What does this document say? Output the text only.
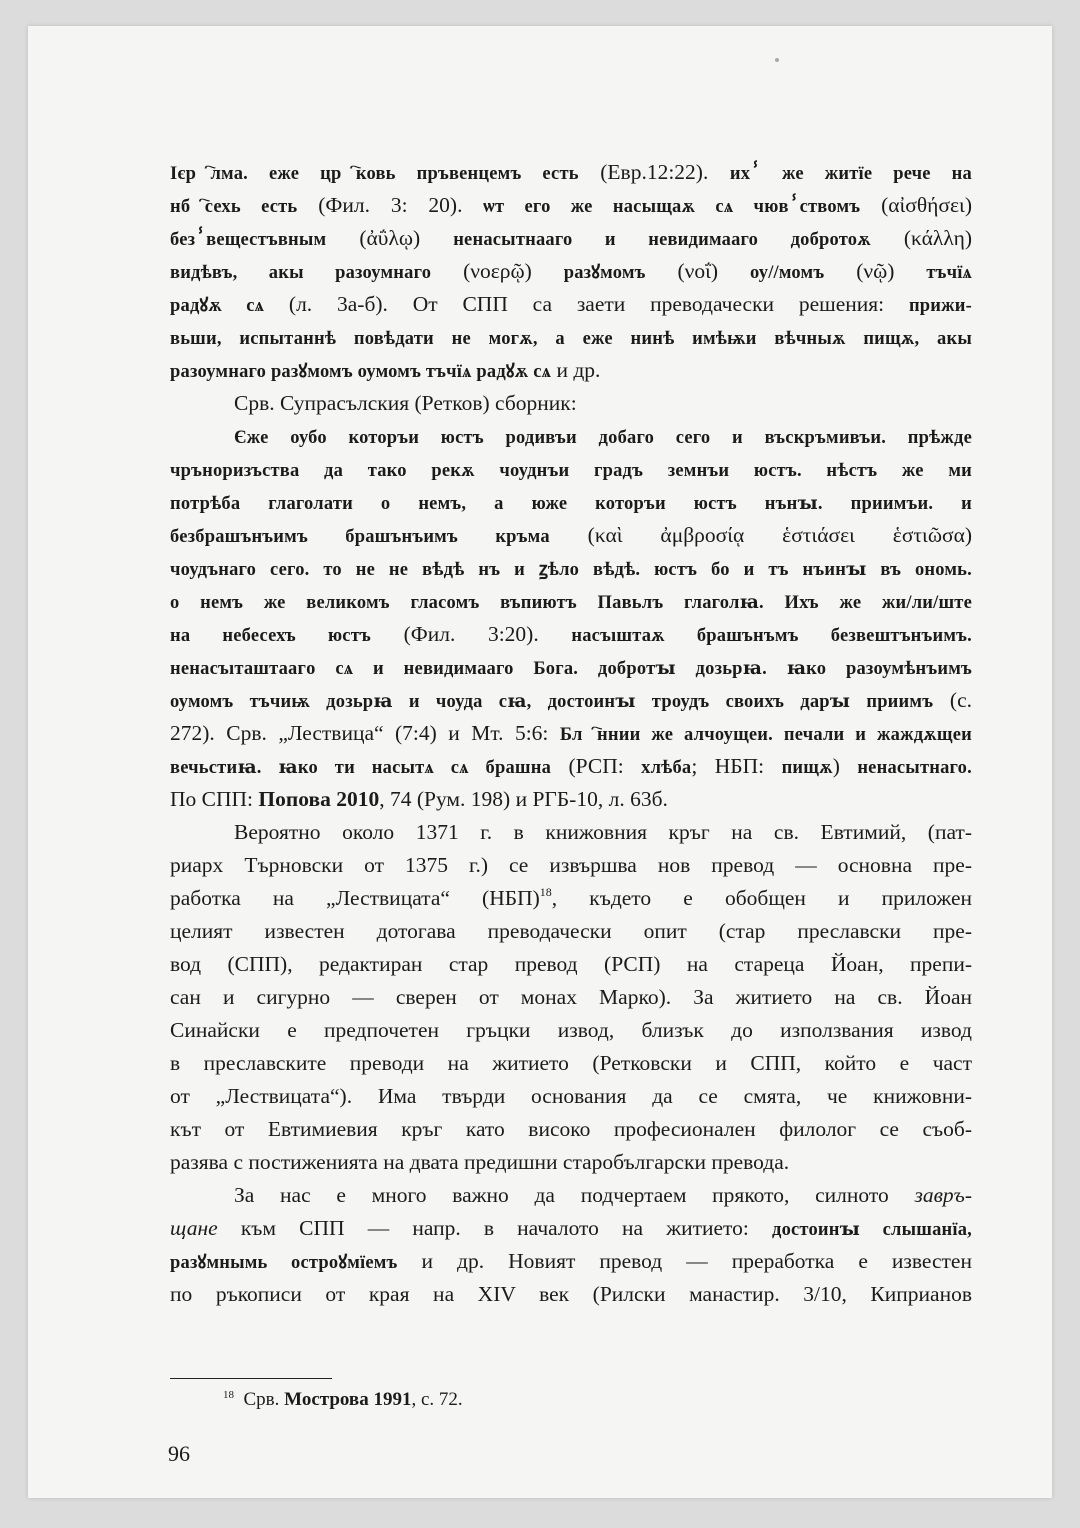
Ієрⷭ҇лма. еже црⷦ҇ковь пръвенцемъ есть (Евр.12:22). ихⸯ же житїе рече на
нбⷭ҇сехь есть (Фил. 3: 20). ѡт его же насыщаѫ сѧ чювⸯствомъ (αἰσθήσει)
безⸯвещестъвным (ἀΰλῳ) ненасытнааго и невидимааго добротоѫ (κάλλη)
видѣвъ, акы разоумнаго (νοερῷ) разꙋмомъ (νοΐ) оу//момъ (νῷ) тъчїѧ
радꙋѫ сѧ (л. 3а-б). От СПП са заети преводачески решения: прижи-
вьши, испытаннѣ повѣдати не могѫ, а еже нинѣ имѣѭи вѣчныѫ пищѫ, акы
разоумнаго разꙋмомъ оумомъ тъчїѧ радꙋѫ сѧ и др.
Срв. Супрасълския (Ретков) сборник:
Єже оубо которъи юстъ родивъи добаго сего и въскръмивъи. прѣжде
чрънoризъства да тако рекѫ чоуднъи градъ земнъи юстъ. нѣстъ же ми
потрѣба глаголати о немъ, а юже которъи юстъ нънꙑ. приимъи. и
безбрашънъимъ брашънъимъ кръма (καὶ ἀμβροσίᾳ ἑστιάσει ἑστιῶσα)
чоудънаго сего. то не не вѣдѣ нъ и ꙁѣло вѣдѣ. юстъ бо и тъ нъинꙑ въ ономь.
о немъ же великомъ гласомъ въпиютъ Павьлъ глаголꙗ. Ихъ же жи/ли/ште
на небесехъ юстъ (Фил. 3:20). насъıштаѫ брашънъмъ безвештънъимъ.
ненасъıташтаагo сѧ и невидимааго Бога. добротꙑ дозьрꙗ. ꙗко разоумѣнъимъ
оумомъ тъчиѭ дозьрꙗ и чоудa сꙗ, достоинꙑ троудъ своихъ дарꙑ приимъ (с.
272). Срв. „Лествица“ (7:4) и Мт. 5:6: Блⷤ҇ннии же алчоущеи. печали и жаждѫщеи
вечьстиꙗ. ꙗко ти насытѧ сѧ брашна (РСП: хлѣба; НБП: пищѫ) ненасытнаго.
По СПП: Попова 2010, 74 (Рум. 198) и РГБ-10, л. 63б.
Вероятно около 1371 г. в книжовния кръг на св. Евтимий, (пат-
риарх Търновски от 1375 г.) се извършва нов превод — основна пре-
работка на „Лествицата“ (НБП)$^{18}$, където е обобщен и приложен
целият известен дотогава преводачески опит (стар преславски пре-
вод (СПП), редактиран стар превод (РСП) на стареца Йоан, препи-
сан и сигурно — сверен от монах Марко). За житието на св. Йоан
Синайски е предпочетен гръцки извод, близък до използвания извод
в преславските преводи на житието (Ретковски и СПП, който е част
от „Лествицата“). Има твърди основания да се смята, че книжовни-
кът от Евтимиевия кръг като високо професионален филолог се съоб-
разява с постиженията на двата предишни старобългарски превода.
За нас е много важно да подчертаем прякото, силното завръ-
щане към СПП — напр. в началото на житието: достоинꙑ слышанїа,
разꙋмнымь остроꙋмїемъ и др. Новият превод — преработка е известен
по ръкописи от края на XIV век (Рилски манастир. 3/10, Киприанов
$^{18}$ Срв. Мострова 1991, с. 72.
96
